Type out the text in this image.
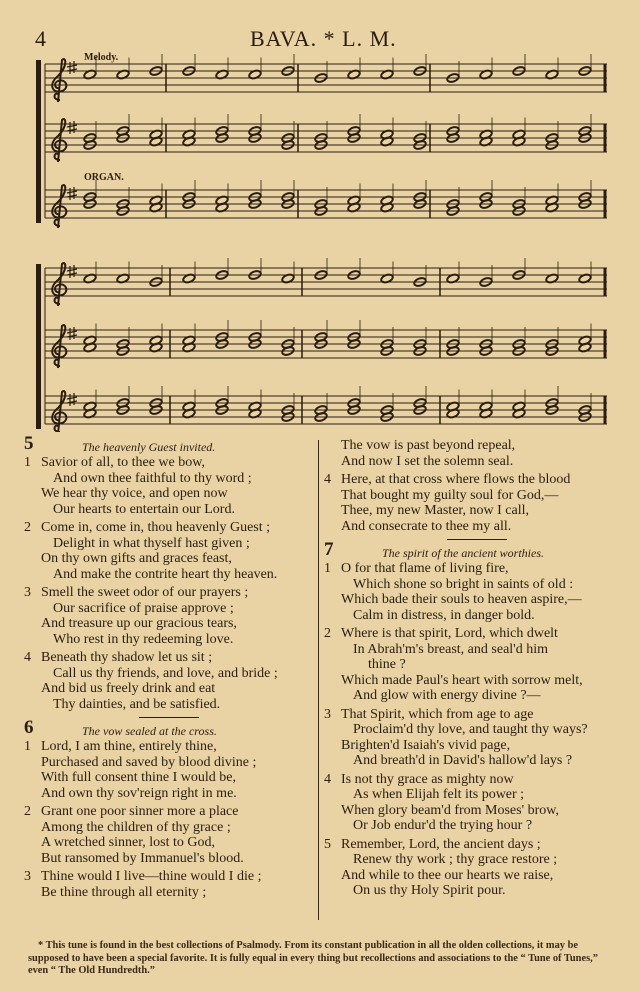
4	BAVA. * L. M.
Melody.
ORGAN.
5	The heavenly Guest invited.
1 Savior of all, to thee we bow,
And own thee faithful to thy word ;
We hear thy voice, and open now
Our hearts to entertain our Lord.
2 Come in, come in, thou heavenly Guest ;
Delight in what thyself hast given ;
On thy own gifts and graces feast,
And make the contrite heart thy heaven.
3 Smell the sweet odor of our prayers ;
Our sacrifice of praise approve ;
And treasure up our gracious tears,
Who rest in thy redeeming love.
4 Beneath thy shadow let us sit ;
Call us thy friends, and love, and bride ;
And bid us freely drink and eat
Thy dainties, and be satisfied.
6	The vow sealed at the cross.
1 Lord, I am thine, entirely thine,
Purchased and saved by blood divine ;
With full consent thine I would be,
And own thy sov'reign right in me.
2 Grant one poor sinner more a place
Among the children of thy grace ;
A wretched sinner, lost to God,
But ransomed by Immanuel's blood.
3 Thine would I live—thine would I die ;
Be thine through all eternity ;
The vow is past beyond repeal,
And now I set the solemn seal.
4 Here, at that cross where flows the blood
That bought my guilty soul for God,—
Thee, my new Master, now I call,
And consecrate to thee my all.
7	The spirit of the ancient worthies.
1 O for that flame of living fire,
Which shone so bright in saints of old :
Which bade their souls to heaven aspire,—
Calm in distress, in danger bold.
2 Where is that spirit, Lord, which dwelt
In Abrah'm's breast, and seal'd him
thine ?
Which made Paul's heart with sorrow melt,
And glow with energy divine ?—
3 That Spirit, which from age to age
Proclaim'd thy love, and taught thy ways?
Brighten'd Isaiah's vivid page,
And breath'd in David's hallow'd lays ?
4 Is not thy grace as mighty now
As when Elijah felt its power ;
When glory beam'd from Moses' brow,
Or Job endur'd the trying hour ?
5 Remember, Lord, the ancient days ;
Renew thy work ; thy grace restore ;
And while to thee our hearts we raise,
On us thy Holy Spirit pour.
* This tune is found in the best collections of Psalmody. From its constant publication in all the olden collections, it may be supposed to have been a special favorite. It is fully equal in every thing but recollections and associations to the “ Tune of Tunes,” even “ The Old Hundredth.”
